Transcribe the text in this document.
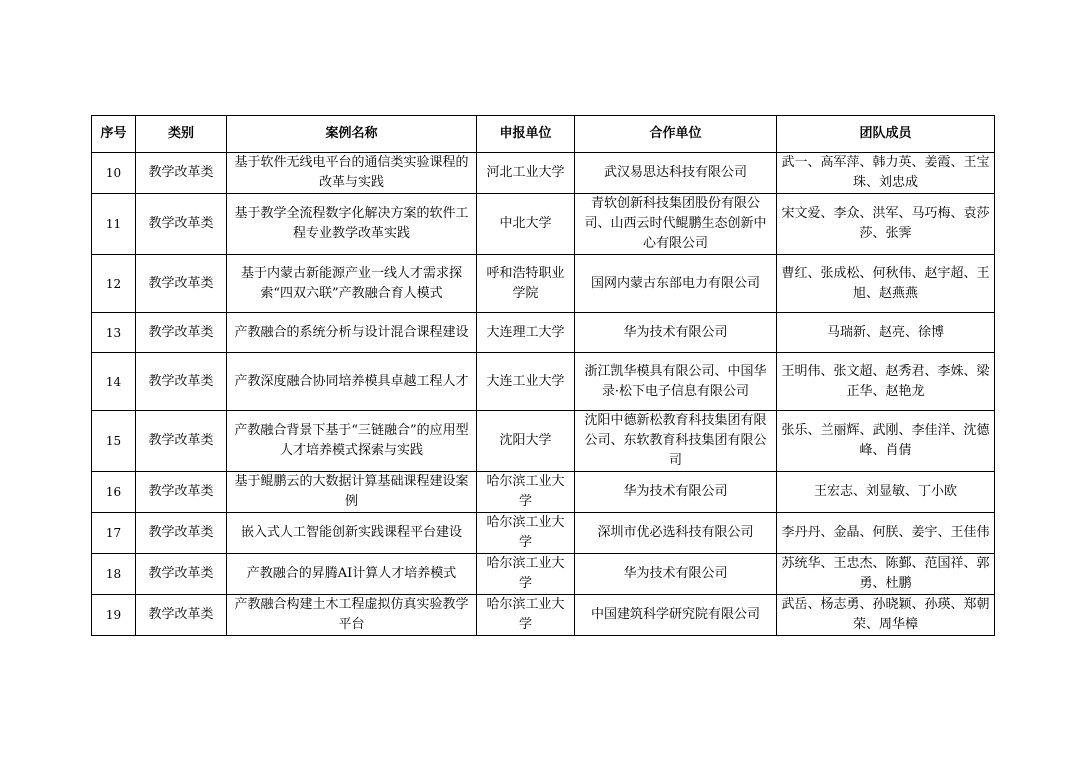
序号	类别	案例名称	申报单位	合作单位	团队成员
10	教学改革类	基于软件无线电平台的通信类实验课程的改革与实践	河北工业大学	武汉易思达科技有限公司	武一、高军萍、韩力英、姜霞、王宝珠、刘忠成
11	教学改革类	基于教学全流程数字化解决方案的软件工程专业教学改革实践	中北大学	青软创新科技集团股份有限公司、山西云时代鲲鹏生态创新中心有限公司	宋文爱、李众、洪军、马巧梅、袁莎莎、张霁
12	教学改革类	基于内蒙古新能源产业一线人才需求探索“四双六联”产教融合育人模式	呼和浩特职业学院	国网内蒙古东部电力有限公司	曹红、张成松、何秋伟、赵宇超、王旭、赵燕燕
13	教学改革类	产教融合的系统分析与设计混合课程建设	大连理工大学	华为技术有限公司	马瑞新、赵亮、徐博
14	教学改革类	产教深度融合协同培养模具卓越工程人才	大连工业大学	浙江凯华模具有限公司、中国华录·松下电子信息有限公司	王明伟、张文超、赵秀君、李姝、梁正华、赵艳龙
15	教学改革类	产教融合背景下基于“三链融合”的应用型人才培养模式探索与实践	沈阳大学	沈阳中德新松教育科技集团有限公司、东软教育科技集团有限公司	张乐、兰丽辉、武刚、李佳洋、沈德峰、肖倩
16	教学改革类	基于鲲鹏云的大数据计算基础课程建设案例	哈尔滨工业大学	华为技术有限公司	王宏志、刘显敏、丁小欧
17	教学改革类	嵌入式人工智能创新实践课程平台建设	哈尔滨工业大学	深圳市优必选科技有限公司	李丹丹、金晶、何朕、姜宇、王佳伟
18	教学改革类	产教融合的昇腾AI计算人才培养模式	哈尔滨工业大学	华为技术有限公司	苏统华、王忠杰、陈鄞、范国祥、郭勇、杜鹏
19	教学改革类	产教融合构建土木工程虚拟仿真实验教学平台	哈尔滨工业大学	中国建筑科学研究院有限公司	武岳、杨志勇、孙晓颖、孙瑛、郑朝荣、周华樟
